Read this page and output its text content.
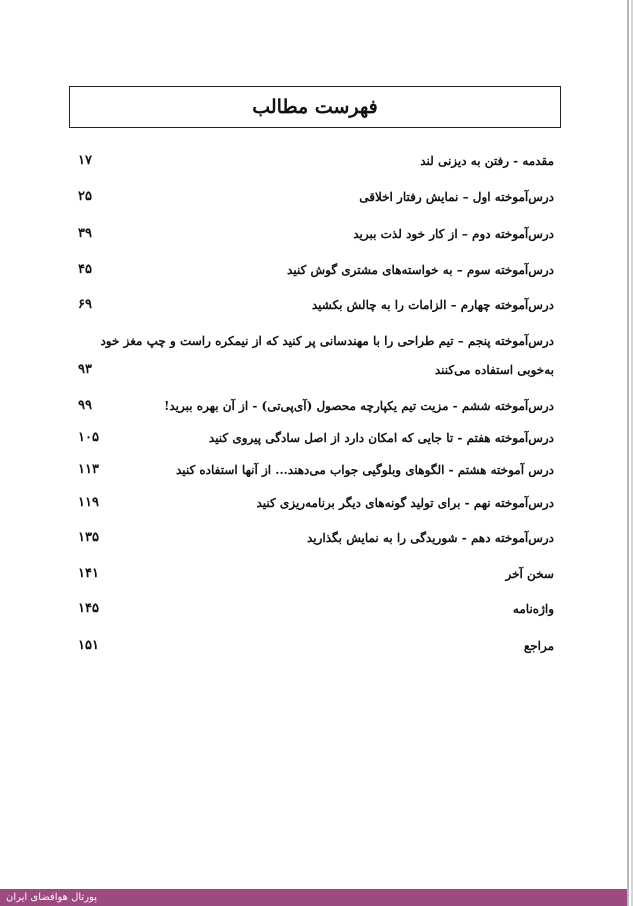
فهرست مطالب
مقدمه - رفتن به دیزنی لند
۱۷
درس‌آموخته اول – نمایش رفتار اخلاقی
۲۵
درس‌آموخته دوم – از کار خود لذت ببرید
۳۹
درس‌آموخته سوم – به خواسته‌های مشتری گوش کنید
۴۵
درس‌آموخته چهارم – الزامات را به چالش بکشید
۶۹
درس‌آموخته پنجم – تیم طراحی را با مهندسانی پر کنید که از نیمکره راست و چپ مغز خود
به‌خوبی استفاده می‌کنند
۹۳
درس‌آموخته ششم - مزیت تیم یکپارچه محصول (آی‌پی‌تی) - از آن بهره ببرید!
۹۹
درس‌آموخته هفتم - تا جایی که امکان دارد از اصل سادگی پیروی کنید
۱۰۵
درس آموخته هشتم - الگوهای وبلوگیی جواب می‌دهند... از آنها استفاده کنید
۱۱۳
درس‌آموخته نهم - برای تولید گونه‌های دیگر برنامه‌ریزی کنید
۱۱۹
درس‌آموخته دهم - شوریدگی را به نمایش بگذارید
۱۳۵
سخن آخر
۱۴۱
واژه‌نامه
۱۴۵
مراجع
۱۵۱
پورتال هوافضای ایران
